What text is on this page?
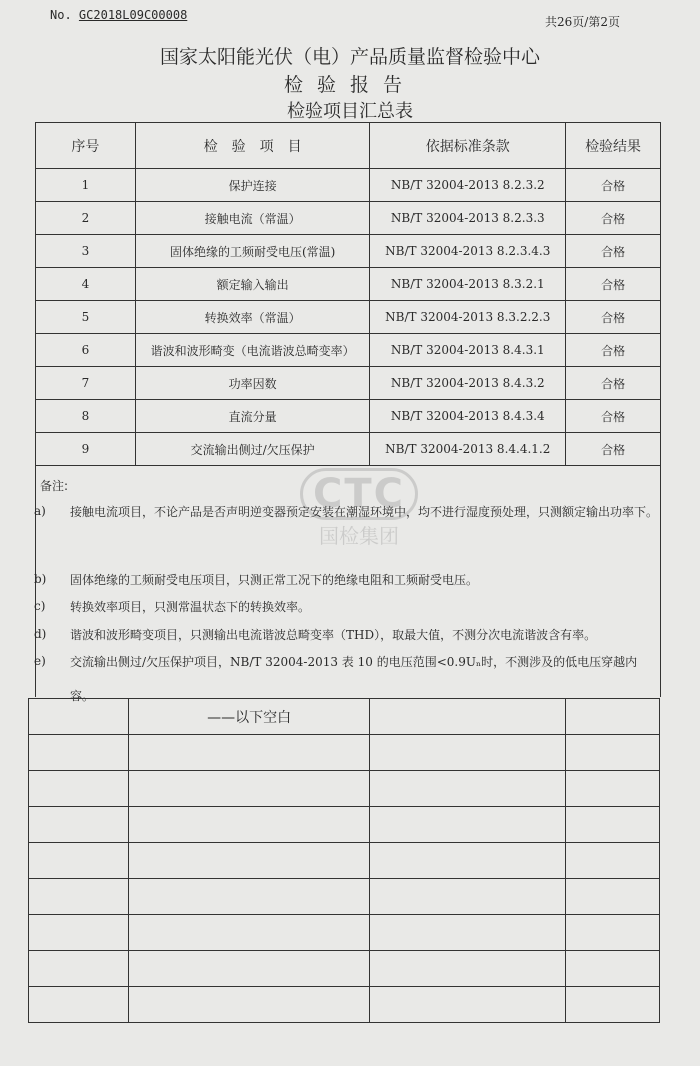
No. GC2018L09C00008	共26页/第2页
国家太阳能光伏（电）产品质量监督检验中心
检验报告
检验项目汇总表
CTC
国检集团
序号	检　验　项　目	依据标准条款	检验结果
1	保护连接	NB/T 32004-2013 8.2.3.2	合格
2	接触电流（常温）	NB/T 32004-2013 8.2.3.3	合格
3	固体绝缘的工频耐受电压(常温)	NB/T 32004-2013 8.2.3.4.3	合格
4	额定输入输出	NB/T 32004-2013 8.3.2.1	合格
5	转换效率（常温）	NB/T 32004-2013 8.3.2.2.3	合格
6	谐波和波形畸变（电流谐波总畸变率）	NB/T 32004-2013 8.4.3.1	合格
7	功率因数	NB/T 32004-2013 8.4.3.2	合格
8	直流分量	NB/T 32004-2013 8.4.3.4	合格
9	交流输出侧过/欠压保护	NB/T 32004-2013 8.4.4.1.2	合格
备注:
a) 接触电流项目，不论产品是否声明逆变器预定安装在潮湿环境中，均不进行湿度预处理，只测额定输出功率下。
b) 固体绝缘的工频耐受电压项目，只测正常工况下的绝缘电阻和工频耐受电压。
c) 转换效率项目，只测常温状态下的转换效率。
d) 谐波和波形畸变项目，只测输出电流谐波总畸变率（THD），取最大值，不测分次电流谐波含有率。
e) 交流输出侧过/欠压保护项目，NB/T 32004-2013 表 10 的电压范围<0.9Uₙ时，不测涉及的低电压穿越内容。
	——以下空白		
